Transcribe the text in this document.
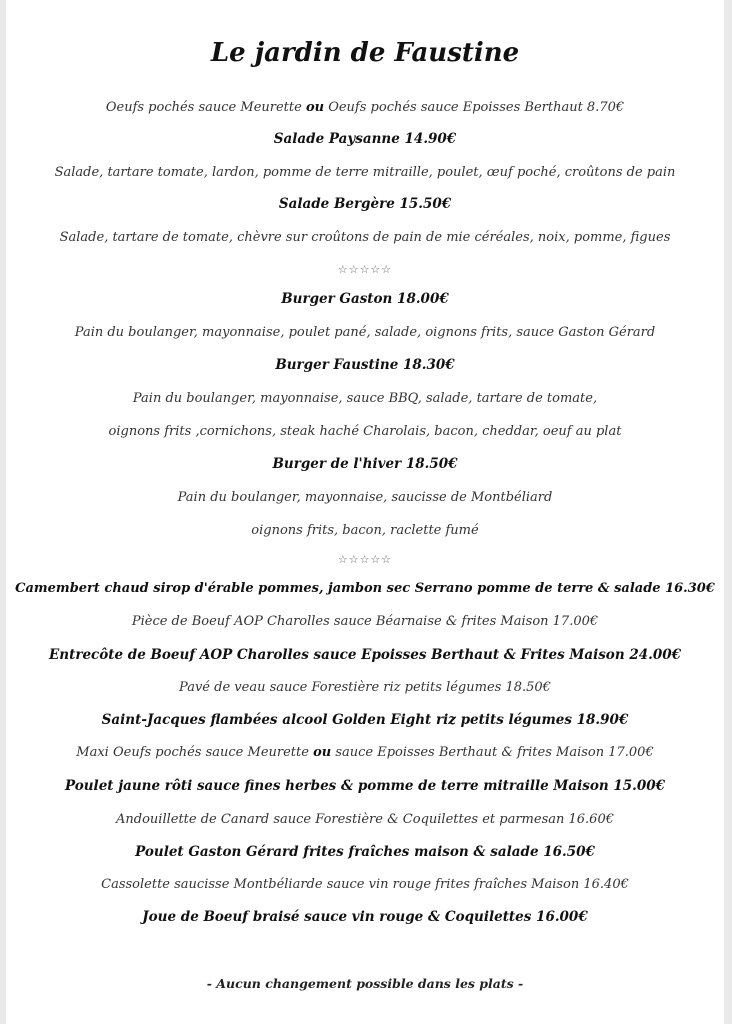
Le jardin de Faustine
Oeufs pochés sauce Meurette ou Oeufs pochés sauce Epoisses Berthaut 8.70€
Salade Paysanne 14.90€
Salade, tartare tomate, lardon, pomme de terre mitraille, poulet, œuf poché, croûtons de pain
Salade Bergère 15.50€
Salade, tartare de tomate, chèvre sur croûtons de pain de mie céréales, noix, pomme, figues
☆☆☆☆☆
Burger Gaston 18.00€
Pain du boulanger, mayonnaise, poulet pané, salade, oignons frits, sauce Gaston Gérard
Burger Faustine 18.30€
Pain du boulanger, mayonnaise, sauce BBQ, salade, tartare de tomate,
oignons frits ,cornichons, steak haché Charolais, bacon, cheddar, oeuf au plat
Burger de l'hiver 18.50€
Pain du boulanger, mayonnaise, saucisse de Montbéliard
oignons frits, bacon, raclette fumé
☆☆☆☆☆
Camembert chaud sirop d'érable pommes, jambon sec Serrano pomme de terre & salade 16.30€
Pièce de Boeuf AOP Charolles sauce Béarnaise & frites Maison 17.00€
Entrecôte de Boeuf AOP Charolles sauce Epoisses Berthaut & Frites Maison 24.00€
Pavé de veau sauce Forestière riz petits légumes 18.50€
Saint-Jacques flambées alcool Golden Eight riz petits légumes 18.90€
Maxi Oeufs pochés sauce Meurette ou sauce Epoisses Berthaut & frites Maison 17.00€
Poulet jaune rôti sauce fines herbes & pomme de terre mitraille Maison 15.00€
Andouillette de Canard sauce Forestière & Coquilettes et parmesan 16.60€
Poulet Gaston Gérard frites fraîches maison & salade 16.50€
Cassolette saucisse Montbéliarde sauce vin rouge frites fraîches Maison 16.40€
Joue de Boeuf braisé sauce vin rouge & Coquilettes 16.00€
- Aucun changement possible dans les plats -
